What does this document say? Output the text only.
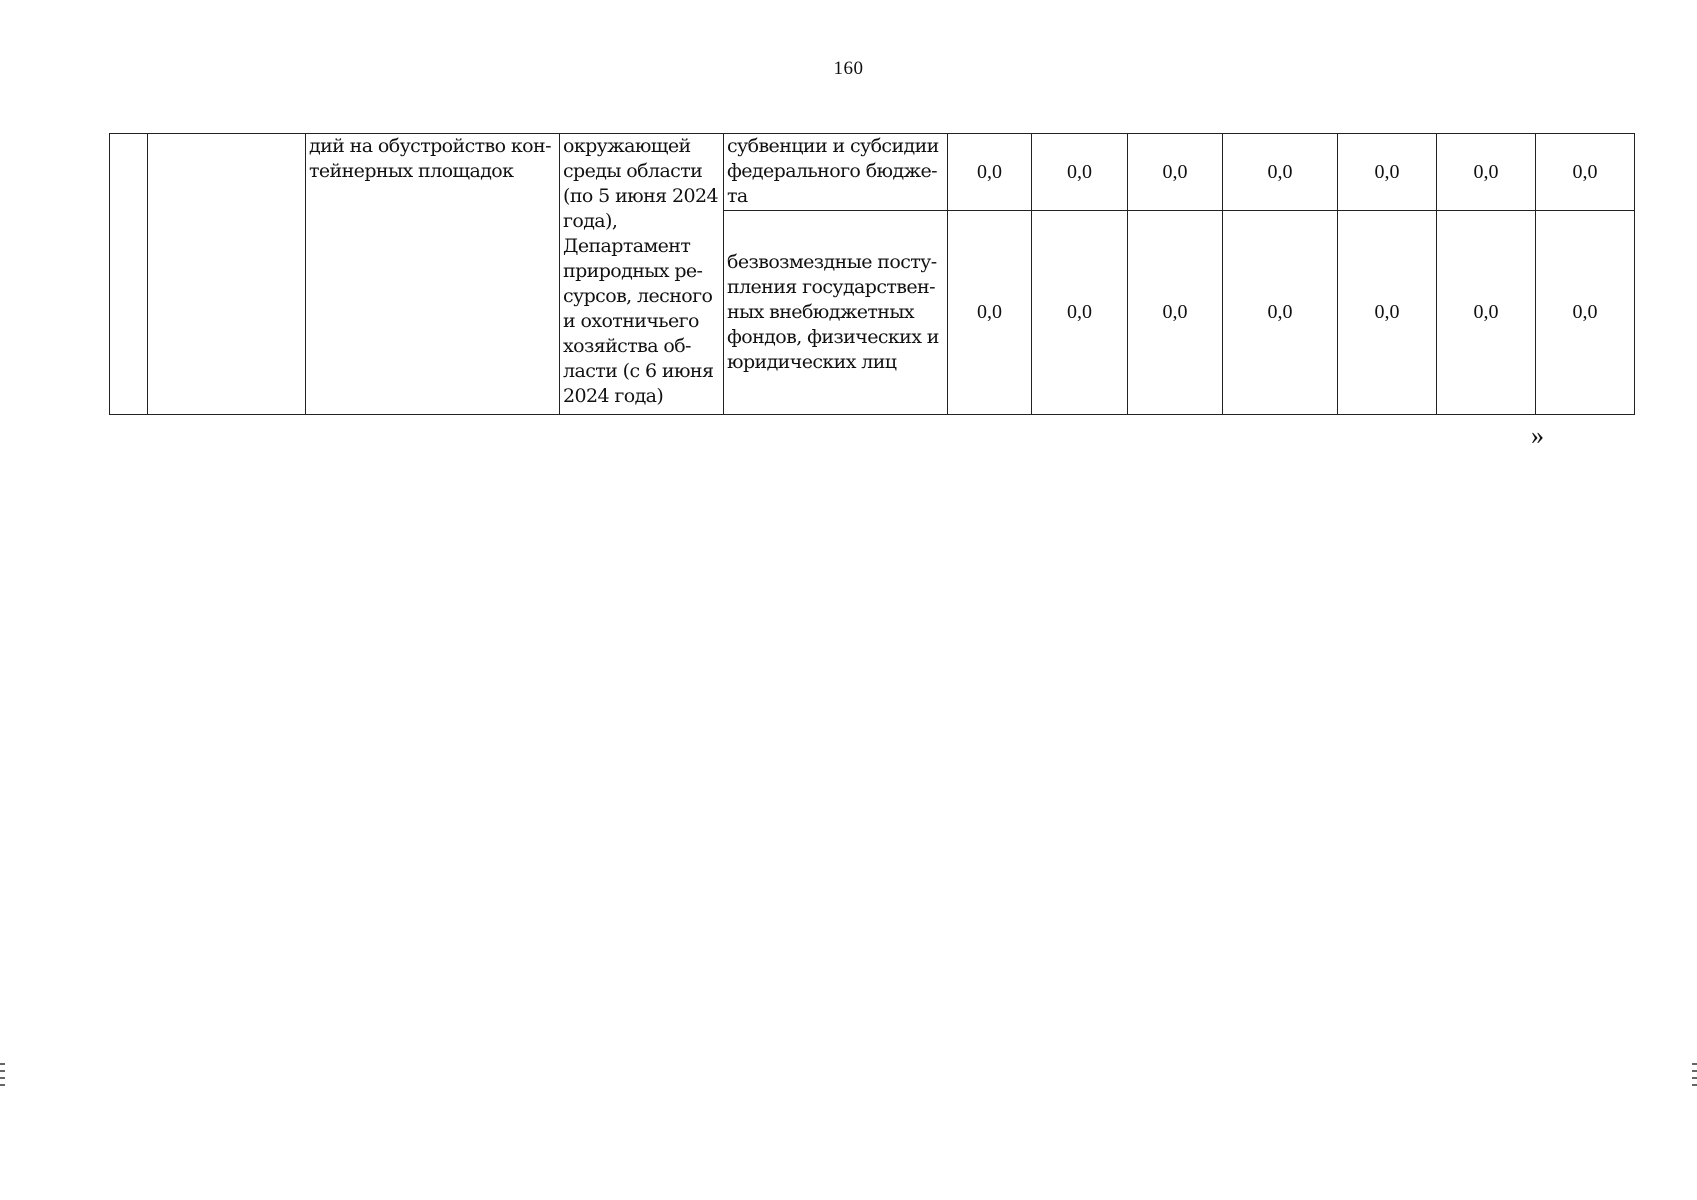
160
		дий на обустройство кон-тейнерных площадок	окружающей среды области (по 5 июня 2024 года), Департамент природных ре-сурсов, лесного и охотничьего хозяйства об-ласти (с 6 июня 2024 года)	субвенции и субсидии федерального бюдже-та	0,0	0,0	0,0	0,0	0,0	0,0	0,0
				безвозмездные посту-пления государствен-ных внебюджетных фондов, физических и юридических лиц	0,0	0,0	0,0	0,0	0,0	0,0	0,0
»
